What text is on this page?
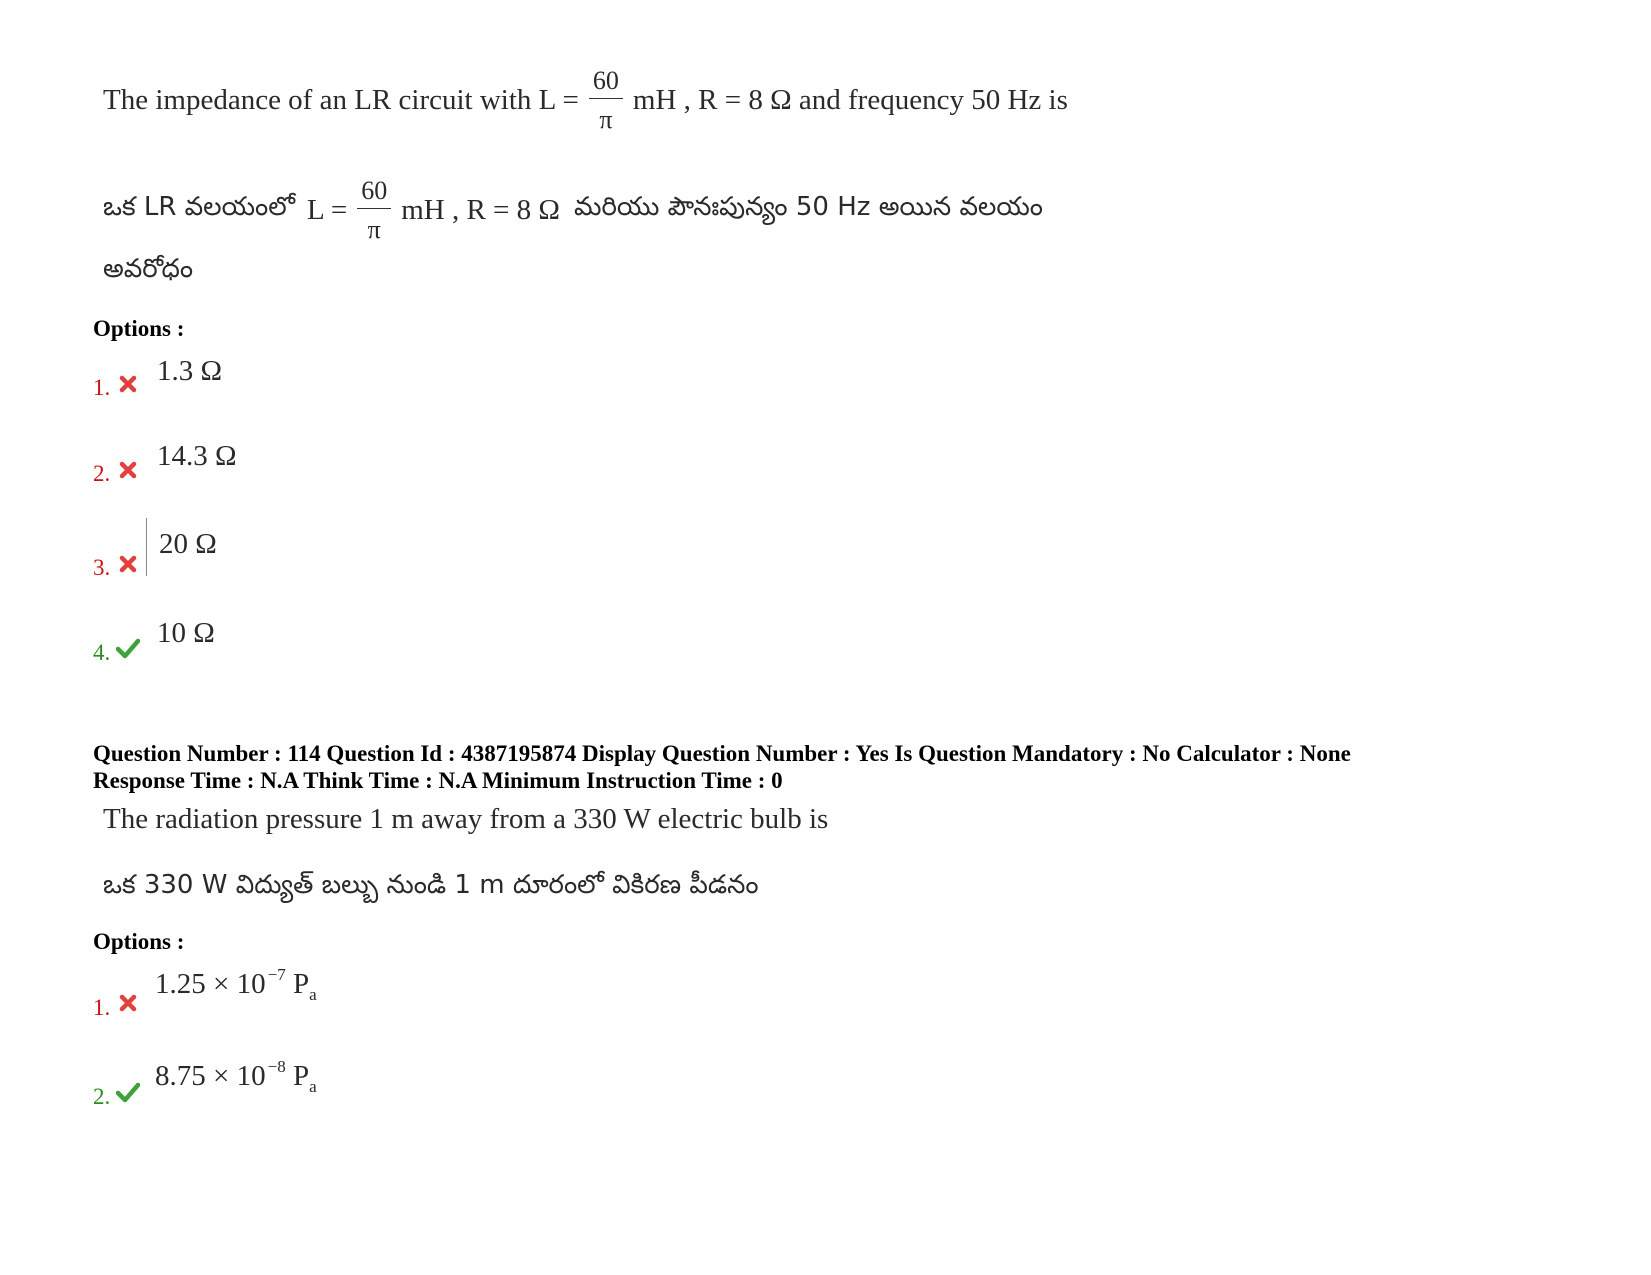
The impedance of an LR circuit with $L = \frac{60}{\pi}$ mH , R = 8 Ω and frequency 50 Hz is
ఒక LR వలయంలో $L = \frac{60}{\pi}$ mH , R = 8 Ω మరియు పౌనఃపున్యం 50 Hz అయిన వలయం
అవరోధం
Options :
1.
1.3 Ω
2.
14.3 Ω
3.
20 Ω
4.
10 Ω
Question Number : 114 Question Id : 4387195874 Display Question Number : Yes Is Question Mandatory : No Calculator : None
Response Time : N.A Think Time : N.A Minimum Instruction Time : 0
The radiation pressure 1 m away from a 330 W electric bulb is
ఒక 330 W విద్యుత్ బల్బు నుండి 1 m దూరంలో వికిరణ పీడనం
Options :
1.
1.25 × 10 $^{-7}$ $P_a$
2.
8.75 × 10 $^{-8}$ $P_a$
